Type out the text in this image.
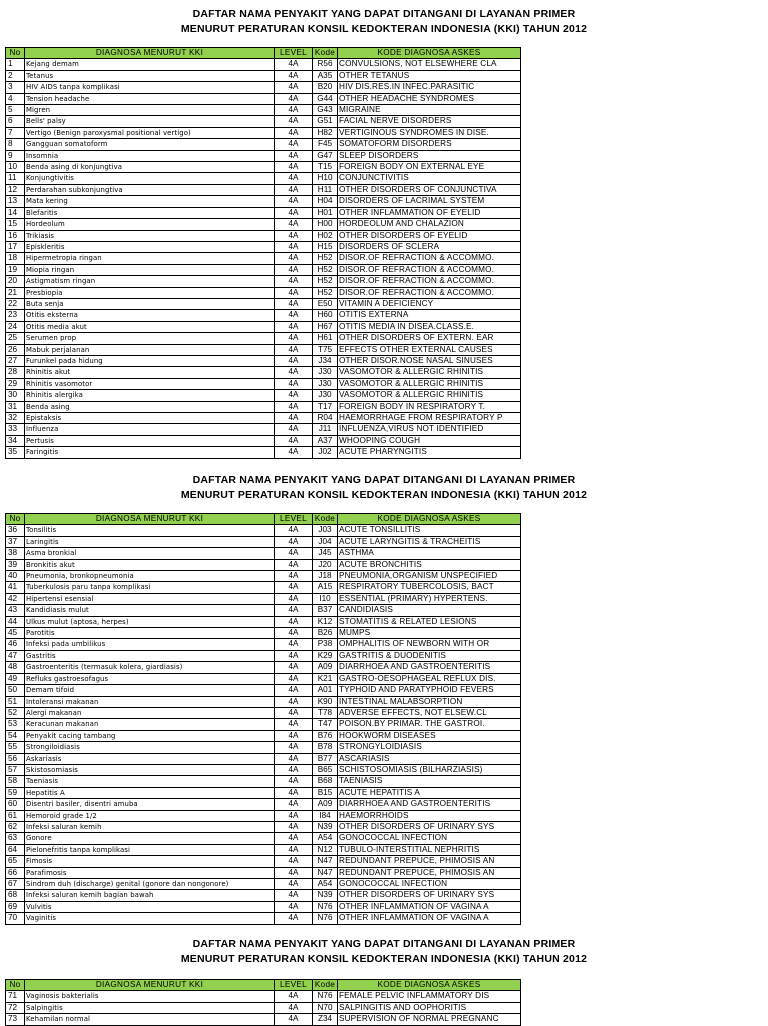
DAFTAR NAMA PENYAKIT YANG DAPAT DITANGANI DI LAYANAN PRIMER
MENURUT PERATURAN KONSIL KEDOKTERAN INDONESIA (KKI) TAHUN 2012
No	DIAGNOSA MENURUT KKI	LEVEL	Kode	KODE DIAGNOSA ASKES
1	Kejang demam	4A	R56	CONVULSIONS, NOT ELSEWHERE CLA
2	Tetanus	4A	A35	OTHER TETANUS
3	HIV AIDS tanpa komplikasi	4A	B20	HIV DIS.RES.IN INFEC.PARASITIC
4	Tension headache	4A	G44	OTHER HEADACHE SYNDROMES
5	Migren	4A	G43	MIGRAINE
6	Bells' palsy	4A	G51	FACIAL NERVE DISORDERS
7	Vertigo (Benign paroxysmal positional vertigo)	4A	H82	VERTIGINOUS SYNDROMES IN DISE.
8	Gangguan somatoform	4A	F45	SOMATOFORM DISORDERS
9	Insomnia	4A	G47	SLEEP DISORDERS
10	Benda asing di konjungtiva	4A	T15	FOREIGN BODY ON EXTERNAL EYE
11	Konjungtivitis	4A	H10	CONJUNCTIVITIS
12	Perdarahan subkonjungtiva	4A	H11	OTHER DISORDERS OF CONJUNCTIVA
13	Mata kering	4A	H04	DISORDERS OF LACRIMAL SYSTEM
14	Blefaritis	4A	H01	OTHER INFLAMMATION OF EYELID
15	Hordeolum	4A	H00	HORDEOLUM AND CHALAZION
16	Trikiasis	4A	H02	OTHER DISORDERS OF EYELID
17	Episkleritis	4A	H15	DISORDERS OF SCLERA
18	Hipermetropia ringan	4A	H52	DISOR.OF REFRACTION & ACCOMMO.
19	Miopia ringan	4A	H52	DISOR.OF REFRACTION & ACCOMMO.
20	Astigmatism ringan	4A	H52	DISOR.OF REFRACTION & ACCOMMO.
21	Presbiopia	4A	H52	DISOR.OF REFRACTION & ACCOMMO.
22	Buta senja	4A	E50	VITAMIN A DEFICIENCY
23	Otitis eksterna	4A	H60	OTITIS EXTERNA
24	Otitis media akut	4A	H67	OTITIS MEDIA IN DISEA.CLASS.E.
25	Serumen prop	4A	H61	OTHER DISORDERS OF EXTERN. EAR
26	Mabuk perjalanan	4A	T75	EFFECTS OTHER EXTERNAL CAUSES
27	Furunkel pada hidung	4A	J34	OTHER DISOR.NOSE NASAL SINUSES
28	Rhinitis akut	4A	J30	VASOMOTOR & ALLERGIC RHINITIS
29	Rhinitis vasomotor	4A	J30	VASOMOTOR & ALLERGIC RHINITIS
30	Rhinitis alergika	4A	J30	VASOMOTOR & ALLERGIC RHINITIS
31	Benda asing	4A	T17	FOREIGN BODY IN RESPIRATORY T.
32	Epistaksis	4A	R04	HAEMORRHAGE FROM RESPIRATORY P
33	Influenza	4A	J11	INFLUENZA,VIRUS NOT IDENTIFIED
34	Pertusis	4A	A37	WHOOPING COUGH
35	Faringitis	4A	J02	ACUTE PHARYNGITIS
DAFTAR NAMA PENYAKIT YANG DAPAT DITANGANI DI LAYANAN PRIMER
MENURUT PERATURAN KONSIL KEDOKTERAN INDONESIA (KKI) TAHUN 2012
No	DIAGNOSA MENURUT KKI	LEVEL	Kode	KODE DIAGNOSA ASKES
36	Tonsilitis	4A	J03	ACUTE TONSILLITIS
37	Laringitis	4A	J04	ACUTE LARYNGITIS & TRACHEITIS
38	Asma bronkial	4A	J45	ASTHMA
39	Bronkitis akut	4A	J20	ACUTE BRONCHITIS
40	Pneumonia, bronkopneumonia	4A	J18	PNEUMONIA,ORGANISM UNSPECIFIED
41	Tuberkulosis paru tanpa komplikasi	4A	A15	RESPIRATORY TUBERCOLOSIS, BACT
42	Hipertensi esensial	4A	I10	ESSENTIAL (PRIMARY) HYPERTENS.
43	Kandidiasis mulut	4A	B37	CANDIDIASIS
44	Ulkus mulut (aptosa, herpes)	4A	K12	STOMATITIS & RELATED LESIONS
45	Parotitis	4A	B26	MUMPS
46	Infeksi pada umbilikus	4A	P38	OMPHALITIS OF NEWBORN WITH OR
47	Gastritis	4A	K29	GASTRITIS & DUODENITIS
48	Gastroenteritis (termasuk kolera, giardiasis)	4A	A09	DIARRHOEA AND GASTROENTERITIS
49	Refluks gastroesofagus	4A	K21	GASTRO-OESOPHAGEAL REFLUX DIS.
50	Demam tifoid	4A	A01	TYPHOID AND PARATYPHOID FEVERS
51	Intoleransi makanan	4A	K90	INTESTINAL MALABSORPTION
52	Alergi makanan	4A	T78	ADVERSE EFFECTS, NOT ELSEW.CL
53	Keracunan makanan	4A	T47	POISON.BY PRIMAR. THE GASTROI.
54	Penyakit cacing tambang	4A	B76	HOOKWORM DISEASES
55	Strongiloidiasis	4A	B78	STRONGYLOIDIASIS
56	Askariasis	4A	B77	ASCARIASIS
57	Skistosomiasis	4A	B65	SCHISTOSOMIASIS (BILHARZIASIS)
58	Taeniasis	4A	B68	TAENIASIS
59	Hepatitis A	4A	B15	ACUTE HEPATITIS A
60	Disentri basiler, disentri amuba	4A	A09	DIARRHOEA AND GASTROENTERITIS
61	Hemoroid grade 1/2	4A	I84	HAEMORRHOIDS
62	Infeksi saluran kemih	4A	N39	OTHER DISORDERS OF URINARY SYS
63	Gonore	4A	A54	GONOCOCCAL INFECTION
64	Pielonefritis tanpa komplikasi	4A	N12	TUBULO-INTERSTITIAL NEPHRITIS
65	Fimosis	4A	N47	REDUNDANT PREPUCE, PHIMOSIS AN
66	Parafimosis	4A	N47	REDUNDANT PREPUCE, PHIMOSIS AN
67	Sindrom duh (discharge) genital (gonore dan nongonore)	4A	A54	GONOCOCCAL INFECTION
68	Infeksi saluran kemih bagian bawah	4A	N39	OTHER DISORDERS OF URINARY SYS
69	Vulvitis	4A	N76	OTHER INFLAMMATION OF VAGINA A
70	Vaginitis	4A	N76	OTHER INFLAMMATION OF VAGINA A
DAFTAR NAMA PENYAKIT YANG DAPAT DITANGANI DI LAYANAN PRIMER
MENURUT PERATURAN KONSIL KEDOKTERAN INDONESIA (KKI) TAHUN 2012
No	DIAGNOSA MENURUT KKI	LEVEL	Kode	KODE DIAGNOSA ASKES
71	Vaginosis bakterialis	4A	N76	FEMALE PELVIC INFLAMMATORY DIS
72	Salpingitis	4A	N70	SALPINGITIS AND OOPHORITIS
73	Kehamilan normal	4A	Z34	SUPERVISION OF NORMAL PREGNANC
